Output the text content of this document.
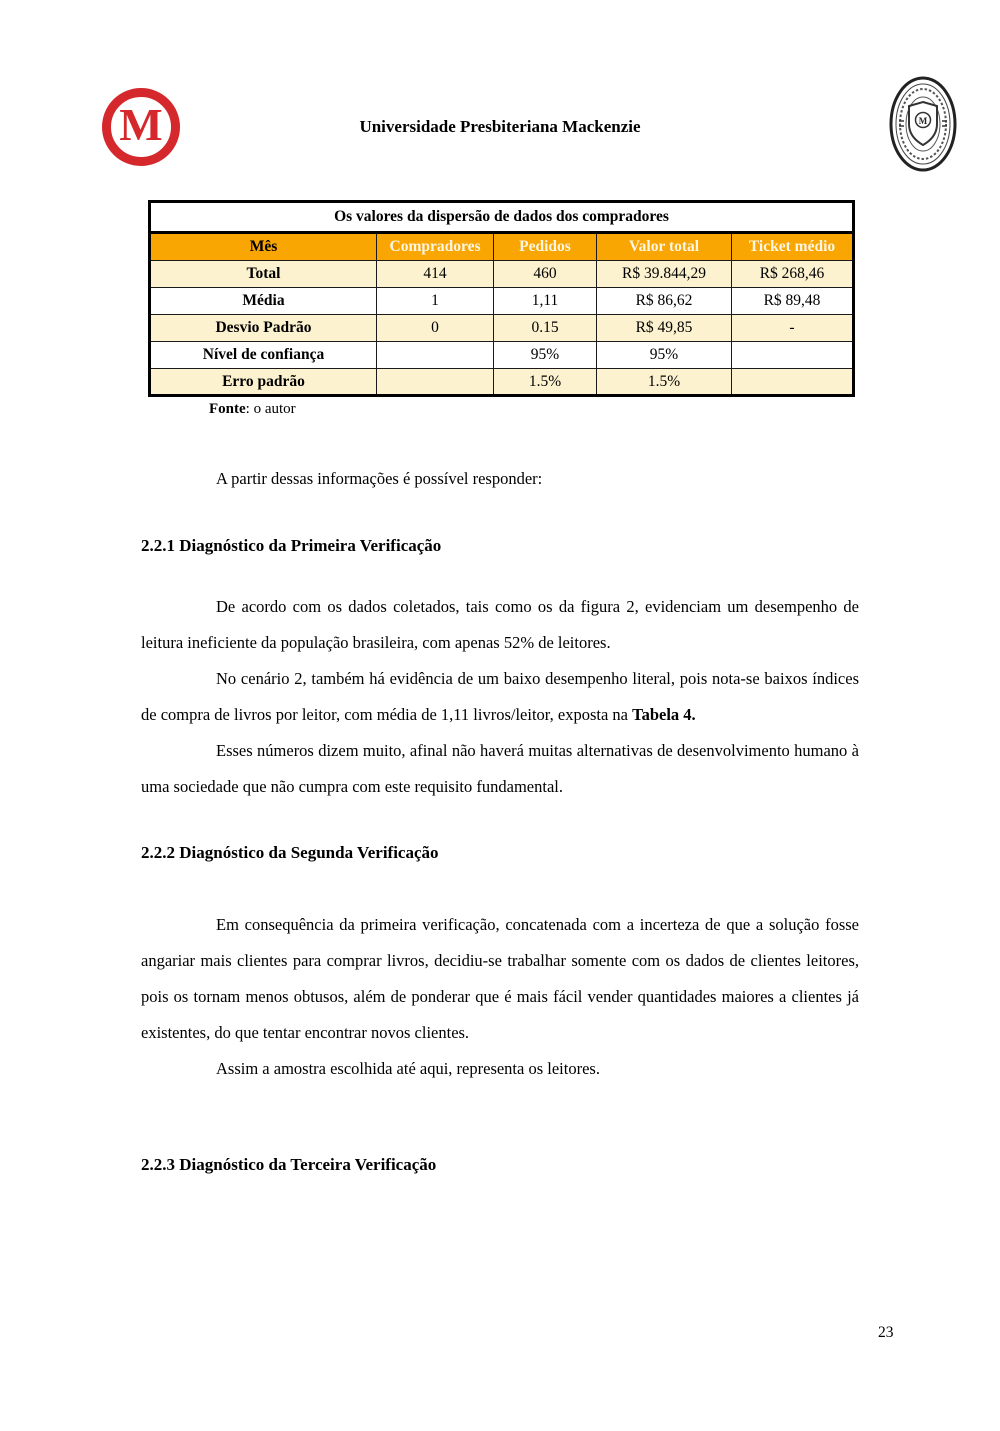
M	Universidade Presbiteriana Mackenzie	M
Os valores da dispersão de dados dos compradores				
Mês	Compradores	Pedidos	Valor total	Ticket médio
Total	414	460	R$ 39.844,29	R$ 268,46
Média	1	1,11	R$ 86,62	R$ 89,48
Desvio Padrão	0	0.15	R$ 49,85	-
Nível de confiança		95%	95%	
Erro padrão		1.5%	1.5%	
Fonte: o autor

A partir dessas informações é possível responder:

2.2.1 Diagnóstico da Primeira Verificação

De acordo com os dados coletados, tais como os da figura 2, evidenciam um desempenho de leitura ineficiente da população brasileira, com apenas 52% de leitores.

No cenário 2, também há evidência de um baixo desempenho literal, pois nota-se baixos índices de compra de livros por leitor, com média de 1,11 livros/leitor, exposta na Tabela 4.

Esses números dizem muito, afinal não haverá muitas alternativas de desenvolvimento humano à uma sociedade que não cumpra com este requisito fundamental.

2.2.2 Diagnóstico da Segunda Verificação

Em consequência da primeira verificação, concatenada com a incerteza de que a solução fosse angariar mais clientes para comprar livros, decidiu-se trabalhar somente com os dados de clientes leitores, pois os tornam menos obtusos, além de ponderar que é mais fácil vender quantidades maiores a clientes já existentes, do que tentar encontrar novos clientes.

Assim a amostra escolhida até aqui, representa os leitores.

2.2.3 Diagnóstico da Terceira Verificação
23
